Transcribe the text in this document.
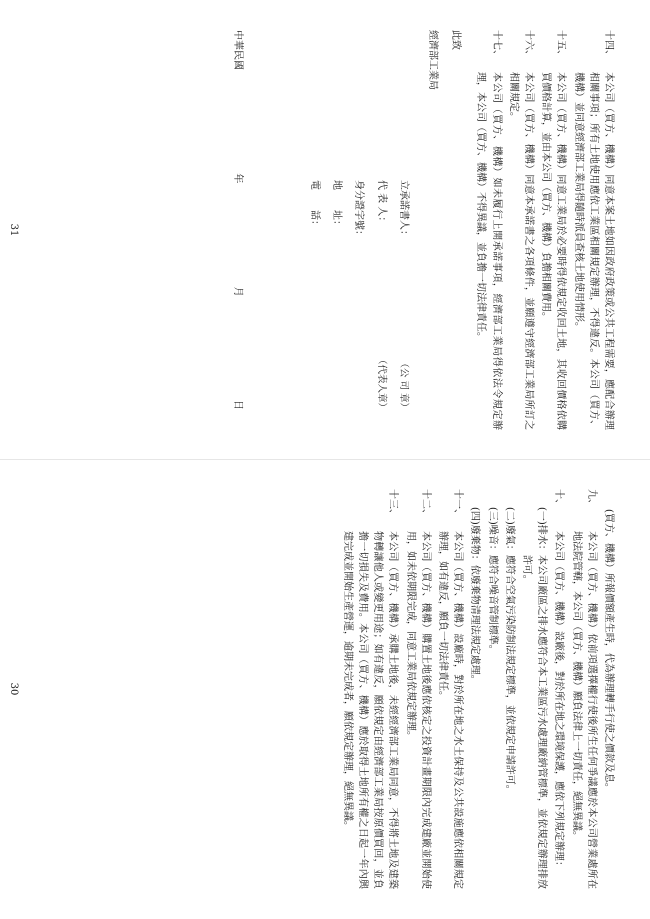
十四、
本公司（買方、機構）同意本案土地如因政府政策或公共工程需要，應配合辦理相關事項；所有土地使用應依工業區相關規定辦理，不得違反。本公司（買方、機構）並同意經濟部工業局得隨時派員查核土地使用情形。
十五、
本公司（買方、機構）同意工業局於必要時得依規定收回土地，其收回價格依購買價格計算，並由本公司（買方、機構）負擔相關費用。
十六、
本公司（買方、機構）同意本承諾書之各項條件，並願遵守經濟部工業局所訂之相關規定。
十七、
本公司（買方、機構）如未履行上開承諾事項，經濟部工業局得依法令規定辦理，本公司（買方、機構）不得異議，並負擔一切法律責任。
此致
經濟部工業局
（公 司 章）
（代表人章）
立承諾書人：
代 表 人：
身分證字號：
地　　址：
電　　話：
中華民國
年
月
日
31
(買方、機構）所報價額產生時，代為辦理轉手行使之價款及息。
九、
本公司（買方、機構）依前項選擇權行使後所生任何爭議應於本公司營業處所在地法院管轄，本公司（買方、機構）願負法律上一切責任，絕無異議。
十、
本公司（買方、機構）設廠後，對於所在地之環境保護，應依下列規定辦理：
(一)排水：
本公司廠區之排水應符合本工業區污水處理廠納管標準，並依規定辦理排放許可。
(二)廢氣：
應符合空氣污染防制法規定標準，並依規定申請許可。
(三)噪音：
應符合噪音管制標準。
(四)廢棄物：
依廢棄物清理法規定處理。
十一、
本公司（買方、機構）設廠時，對於所在地之水土保持及公共設施應依相關規定辦理，如有違反，願負一切法律責任。
十二、
本公司（買方、機構）購置土地後應依核定之投資計畫期限內完成建廠並開始使用，如未依期限完成，同意工業局依規定辦理。
十三、
本公司（買方、機構）承購土地後，未經經濟部工業局同意，不得將土地及建築物轉讓他人或變更用途；如有違反，願依規定由經濟部工業局按原價買回，並負擔一切損失及費用。本公司（買方、機構）應於取得土地所有權之日起一年內興建完成並開始生產營運，逾期未完成者，願依規定辦理，絕無異議。
30
